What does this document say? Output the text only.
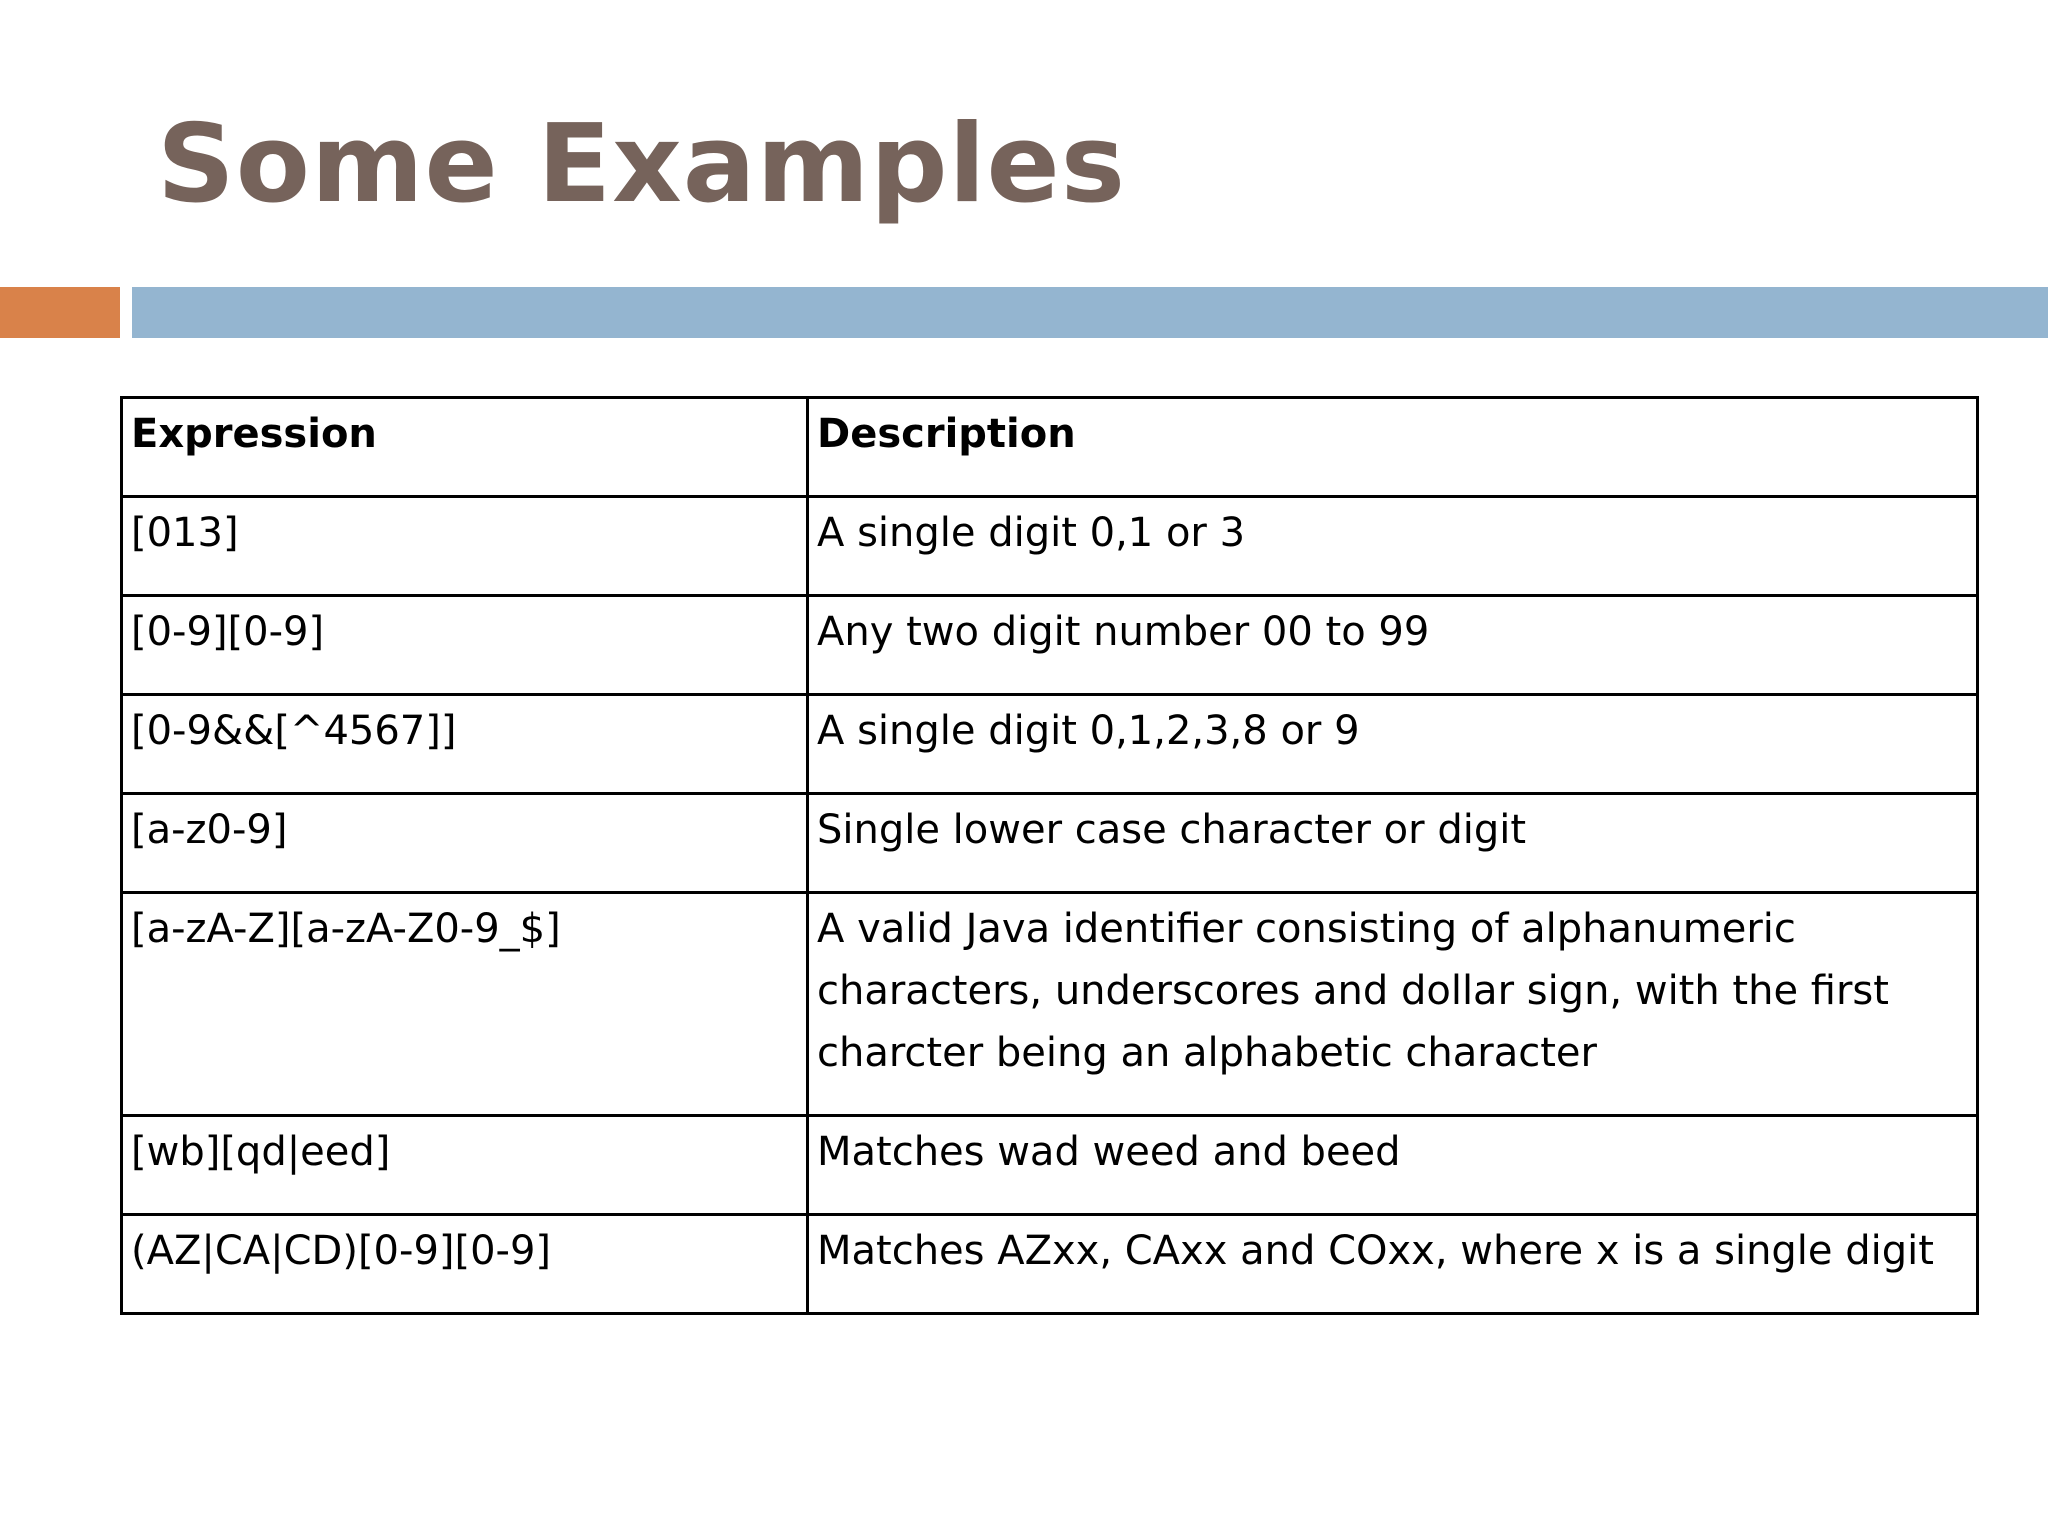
Some Examples
Expression	Description
[013]	A single digit 0,1 or 3
[0-9][0-9]	Any two digit number 00 to 99
[0-9&&[^4567]]	A single digit 0,1,2,3,8 or 9
[a-z0-9]	Single lower case character or digit
[a-zA-Z][a-zA-Z0-9_$]	A valid Java identifier consisting of alphanumeric characters, underscores and dollar sign, with the first charcter being an alphabetic character
[wb][qd|eed]	Matches wad weed and beed
(AZ|CA|CD)[0-9][0-9]	Matches AZxx, CAxx and COxx, where x is a single digit
